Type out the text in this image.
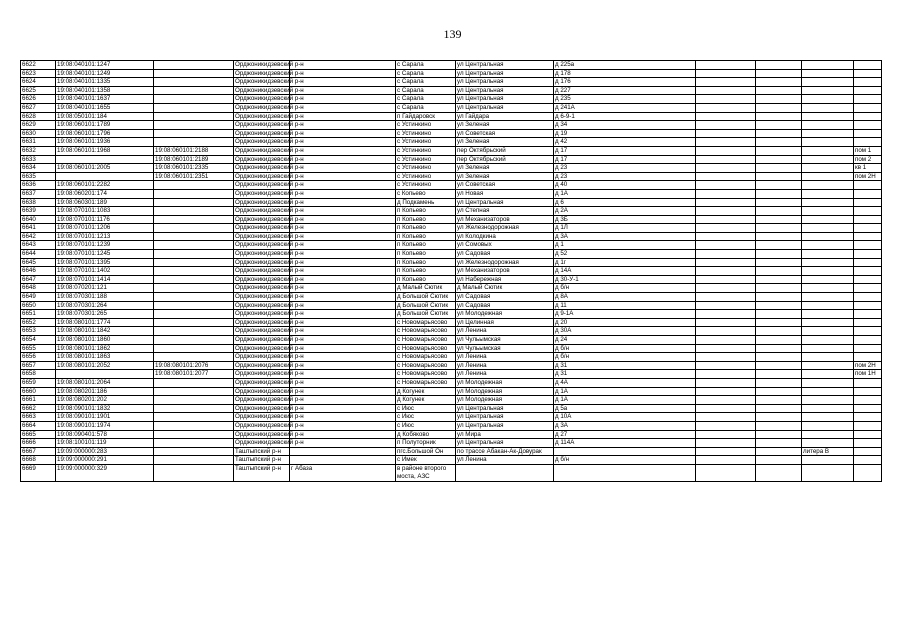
139
6622	19:08:040101:1247		Орджоникидзевский р-н		с Сарала	ул Центральная	д 225а				
6623	19:08:040101:1249		Орджоникидзевский р-н		с Сарала	ул Центральная	д 178				
6624	19:08:040101:1335		Орджоникидзевский р-н		с Сарала	ул Центральная	д 176				
6625	19:08:040101:1358		Орджоникидзевский р-н		с Сарала	ул Центральная	д 227				
6626	19:08:040101:1637		Орджоникидзевский р-н		с Сарала	ул Центральная	д 235				
6627	19:08:040101:1655		Орджоникидзевский р-н		с Сарала	ул Центральная	д 241А				
6628	19:08:050101:184		Орджоникидзевский р-н		п Гайдаровск	ул Гайдара	д 6-9-1				
6629	19:08:060101:1789		Орджоникидзевский р-н		с Устинкино	ул Зеленая	д 34				
6630	19:08:060101:1796		Орджоникидзевский р-н		с Устинкино	ул Советская	д 19				
6631	19:08:060101:1936		Орджоникидзевский р-н		с Устинкино	ул Зеленая	д 42				
6632	19:08:060101:1968	19:08:060101:2188	Орджоникидзевский р-н		с Устинкино	пер Октябрьский	д 17				пом 1
6633		19:08:060101:2189	Орджоникидзевский р-н		с Устинкино	пер Октябрьский	д 17				пом 2
6634	19:08:060101:2005	19:08:060101:2335	Орджоникидзевский р-н		с Устинкино	ул Зеленая	д 23				кв 1
6635		19:08:060101:2351	Орджоникидзевский р-н		с Устинкино	ул Зеленая	д 23				пом 2Н
6636	19:08:060101:2282		Орджоникидзевский р-н		с Устинкино	ул Советская	д 40				
6637	19:08:060201:174		Орджоникидзевский р-н		с Копьево	ул Новая	д 1А				
6638	19:08:060301:189		Орджоникидзевский р-н		д Подкамень	ул Центральная	д 6				
6639	19:08:070101:1083		Орджоникидзевский р-н		п Копьево	ул Степная	д 2А				
6640	19:08:070101:1176		Орджоникидзевский р-н		п Копьево	ул Механизаторов	д 3Б				
6641	19:08:070101:1206		Орджоникидзевский р-н		п Копьево	ул Железнодорожная	д 1Л				
6642	19:08:070101:1213		Орджоникидзевский р-н		п Копьево	ул Колодкина	д 3А				
6643	19:08:070101:1239		Орджоникидзевский р-н		п Копьево	ул Сомовых	д 1				
6644	19:08:070101:1245		Орджоникидзевский р-н		п Копьево	ул Садовая	д 52				
6645	19:08:070101:1395		Орджоникидзевский р-н		п Копьево	ул Железнодорожная	д 1г				
6646	19:08:070101:1402		Орджоникидзевский р-н		п Копьево	ул Механизаторов	д 14А				
6647	19:08:070101:1414		Орджоникидзевский р-н		п Копьево	ул Набережная	д 30-У-1				
6648	19:08:070201:121		Орджоникидзевский р-н		д Малый Сютик	д Малый Сютик	д б/н				
6649	19:08:070301:188		Орджоникидзевский р-н		д Большой Сютик	ул Садовая	д 8А				
6650	19:08:070301:264		Орджоникидзевский р-н		д Большой Сютик	ул Садовая	д 11				
6651	19:08:070301:265		Орджоникидзевский р-н		д Большой Сютик	ул Молодежная	д 9-1А				
6652	19:08:080101:1774		Орджоникидзевский р-н		с Новомарьясово	ул Целинная	д 20				
6653	19:08:080101:1842		Орджоникидзевский р-н		с Новомарьясово	ул Ленина	д 30А				
6654	19:08:080101:1860		Орджоникидзевский р-н		с Новомарьясово	ул Чульымская	д 24				
6655	19:08:080101:1862		Орджоникидзевский р-н		с Новомарьясово	ул Чульымская	д б/н				
6656	19:08:080101:1863		Орджоникидзевский р-н		с Новомарьясово	ул Ленина	д б/н				
6657	19:08:080101:2052	19:08:080101:2076	Орджоникидзевский р-н		с Новомарьясово	ул Ленина	д 31				пом 2Н
6658		19:08:080101:2077	Орджоникидзевский р-н		с Новомарьясово	ул Ленина	д 31				пом 1Н
6659	19:08:080101:2064		Орджоникидзевский р-н		с Новомарьясово	ул Молодежная	д 4А				
6660	19:08:080201:186		Орджоникидзевский р-н		д Когунек	ул Молодежная	д 1А				
6661	19:08:080201:202		Орджоникидзевский р-н		д Когунек	ул Молодежная	д 1А				
6662	19:08:090101:1832		Орджоникидзевский р-н		с Июс	ул Центральная	д 5а				
6663	19:08:090101:1901		Орджоникидзевский р-н		с Июс	ул Центральная	д 10А				
6664	19:08:090101:1974		Орджоникидзевский р-н		с Июс	ул Центральная	д 3А				
6665	19:08:090401:578		Орджоникидзевский р-н		д Кобяково	ул Мира	д 27				
6666	19:08:100101:119		Орджоникидзевский р-н		п Полуторник	ул Центральная	д 114А				
6667	19:09:000000:283		Таштыпский р-н		пгс.Большой Он	по трассе Абакан-Ак-Довурак				литера В	
6668	19:09:000000:291		Таштыпский р-н		с Имек	ул Ленина	д б/н				
6669	19:09:000000:329		Таштыпский р-н	г Абаза	в районе второго моста, АЗС						
